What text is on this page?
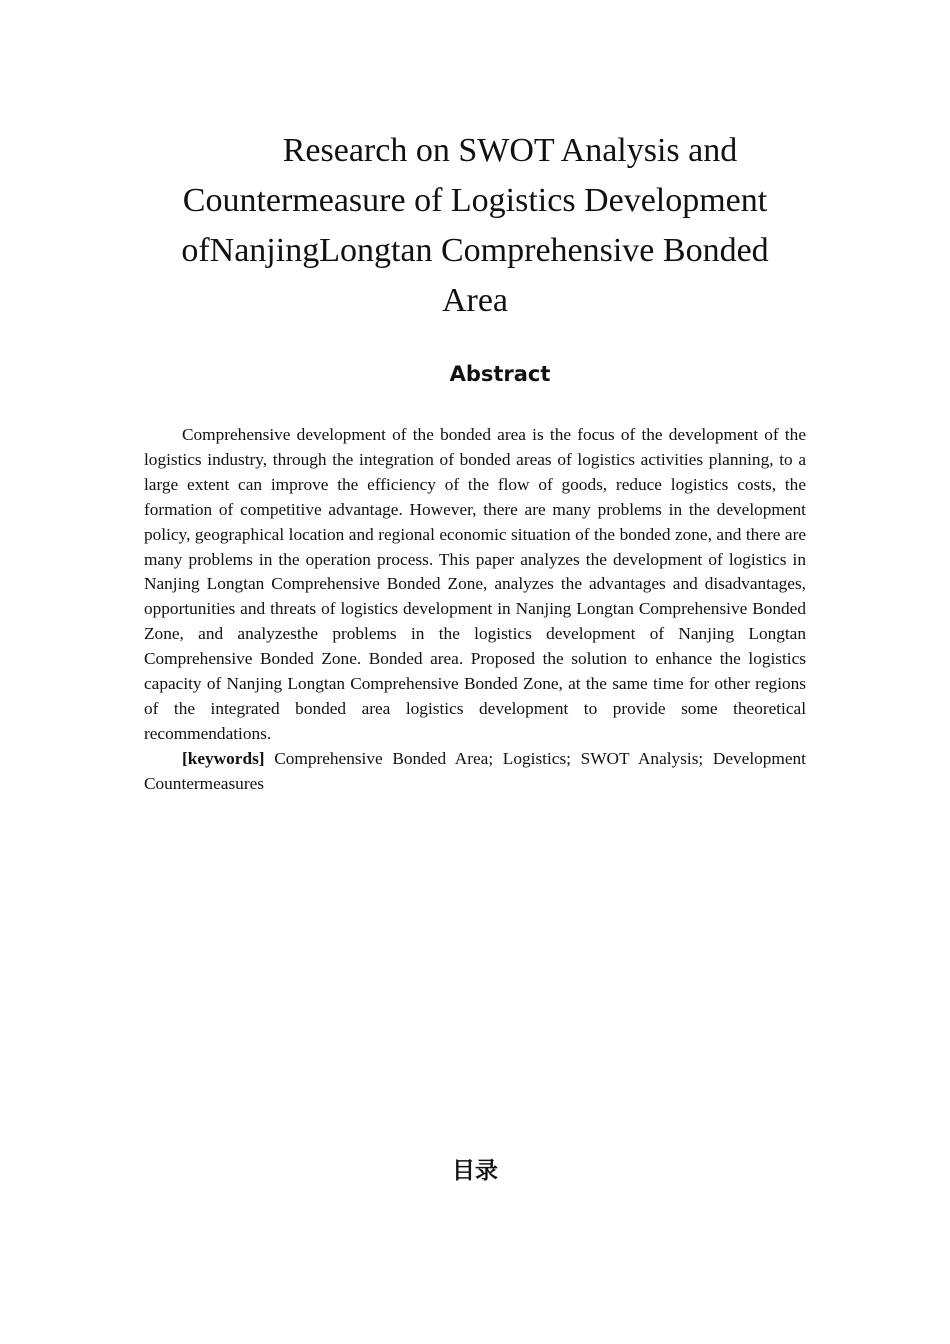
Research on SWOT Analysis and
Countermeasure of Logistics Development
ofNanjingLongtan Comprehensive Bonded
Area
Abstract

Comprehensive development of the bonded area is the focus of the development of the logistics industry, through the integration of bonded areas of logistics activities planning, to a large extent can improve the efficiency of the flow of goods, reduce logistics costs, the formation of competitive advantage. However, there are many problems in the development policy, geographical location and regional economic situation of the bonded zone, and there are many problems in the operation process. This paper analyzes the development of logistics in Nanjing Longtan Comprehensive Bonded Zone, analyzes the advantages and disadvantages, opportunities and threats of logistics development in Nanjing Longtan Comprehensive Bonded Zone, and analyzesthe problems in the logistics development of Nanjing Longtan Comprehensive Bonded Zone. Bonded area. Proposed the solution to enhance the logistics capacity of Nanjing Longtan Comprehensive Bonded Zone, at the same time for other regions of the integrated bonded area logistics development to provide some theoretical recommendations.

[keywords] Comprehensive Bonded Area; Logistics; SWOT Analysis; Development Countermeasures

目录
